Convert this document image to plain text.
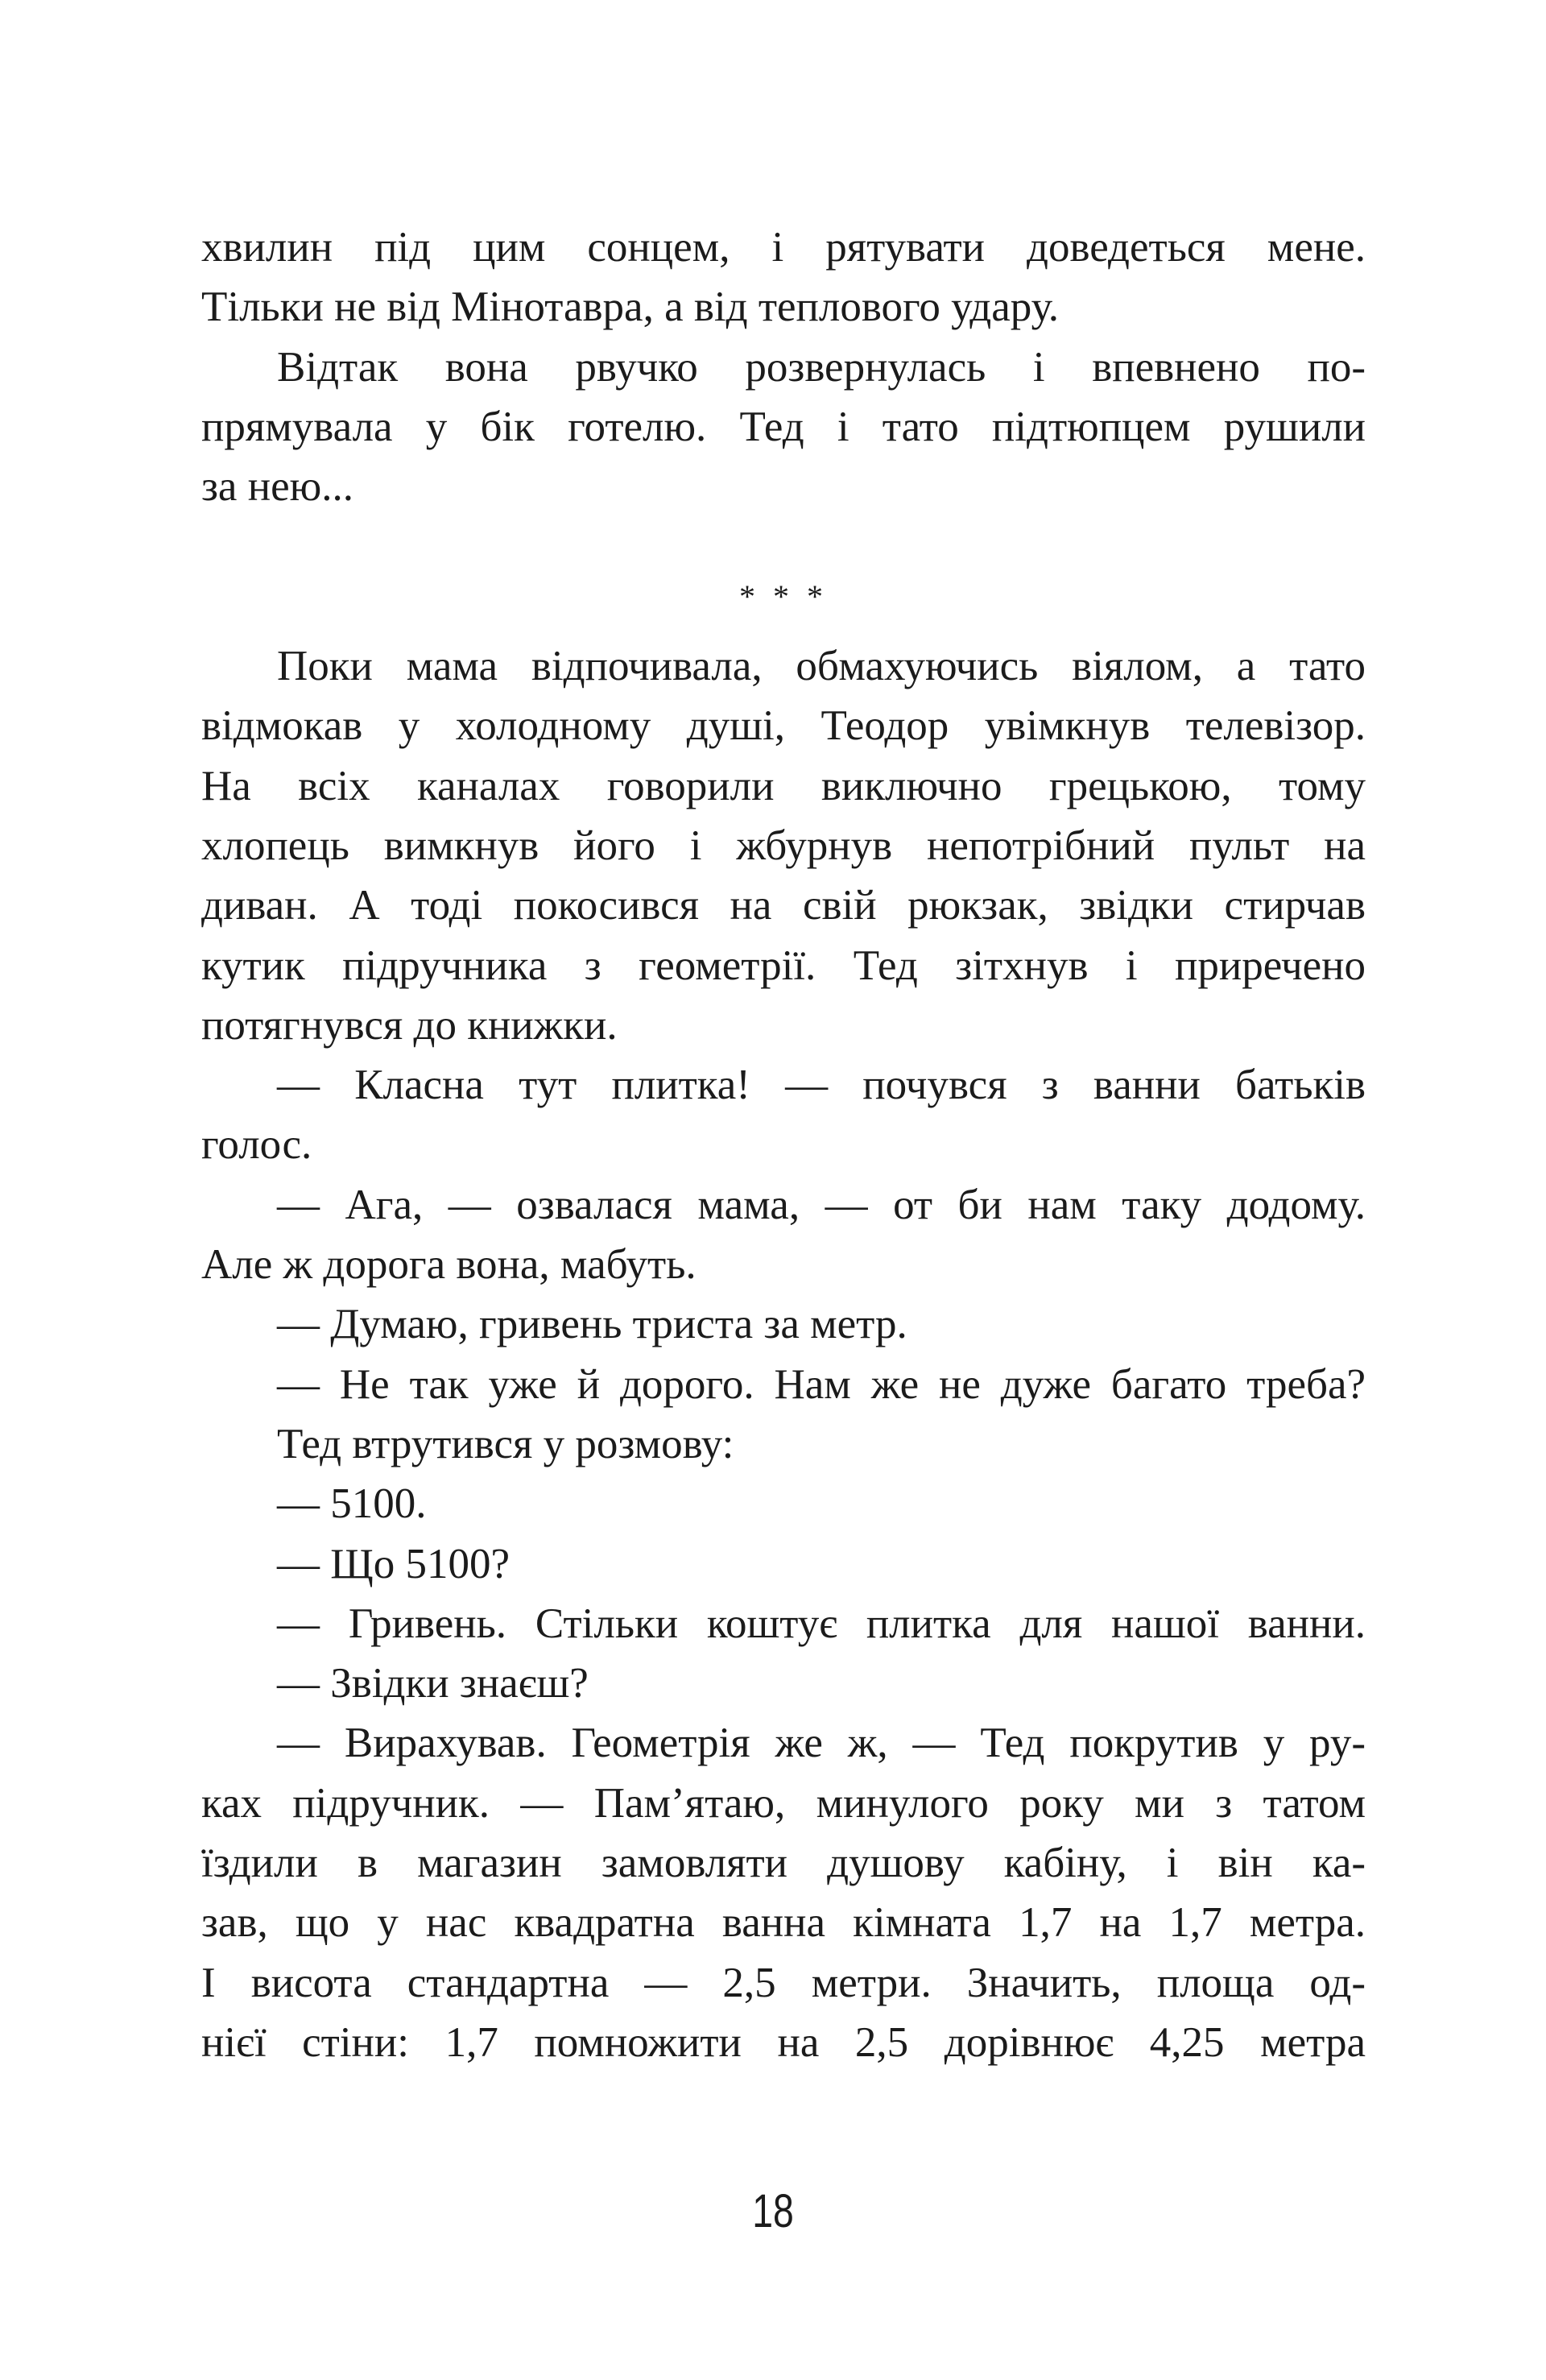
хвилин під цим сонцем, і рятувати доведеться мене.
Тільки не від Мінотавра, а від теплового удару.
Відтак вона рвучко розвернулась і впевнено по-
прямувала у бік готелю. Тед і тато підтюпцем рушили
за нею...
* * *
Поки мама відпочивала, обмахуючись віялом, а тато
відмокав у холодному душі, Теодор увімкнув телевізор.
На всіх каналах говорили виключно грецькою, тому
хлопець вимкнув його і жбурнув непотрібний пульт на
диван. А тоді покосився на свій рюкзак, звідки стирчав
кутик підручника з геометрії. Тед зітхнув і приречено
потягнувся до книжки.
— Класна тут плитка! — почувся з ванни батьків
голос.
— Ага, — озвалася мама, — от би нам таку додому.
Але ж дорога вона, мабуть.
— Думаю, гривень триста за метр.
— Не так уже й дорого. Нам же не дуже багато треба?
Тед втрутився у розмову:
— 5100.
— Що 5100?
— Гривень. Стільки коштує плитка для нашої ванни.
— Звідки знаєш?
— Вирахував. Геометрія же ж, — Тед покрутив у ру-
ках підручник. — Пам’ятаю, минулого року ми з татом
їздили в магазин замовляти душову кабіну, і він ка-
зав, що у нас квадратна ванна кімната 1,7 на 1,7 метра.
І висота стандартна — 2,5 метри. Значить, площа од-
нієї стіни: 1,7 помножити на 2,5 дорівнює 4,25 метра
18
